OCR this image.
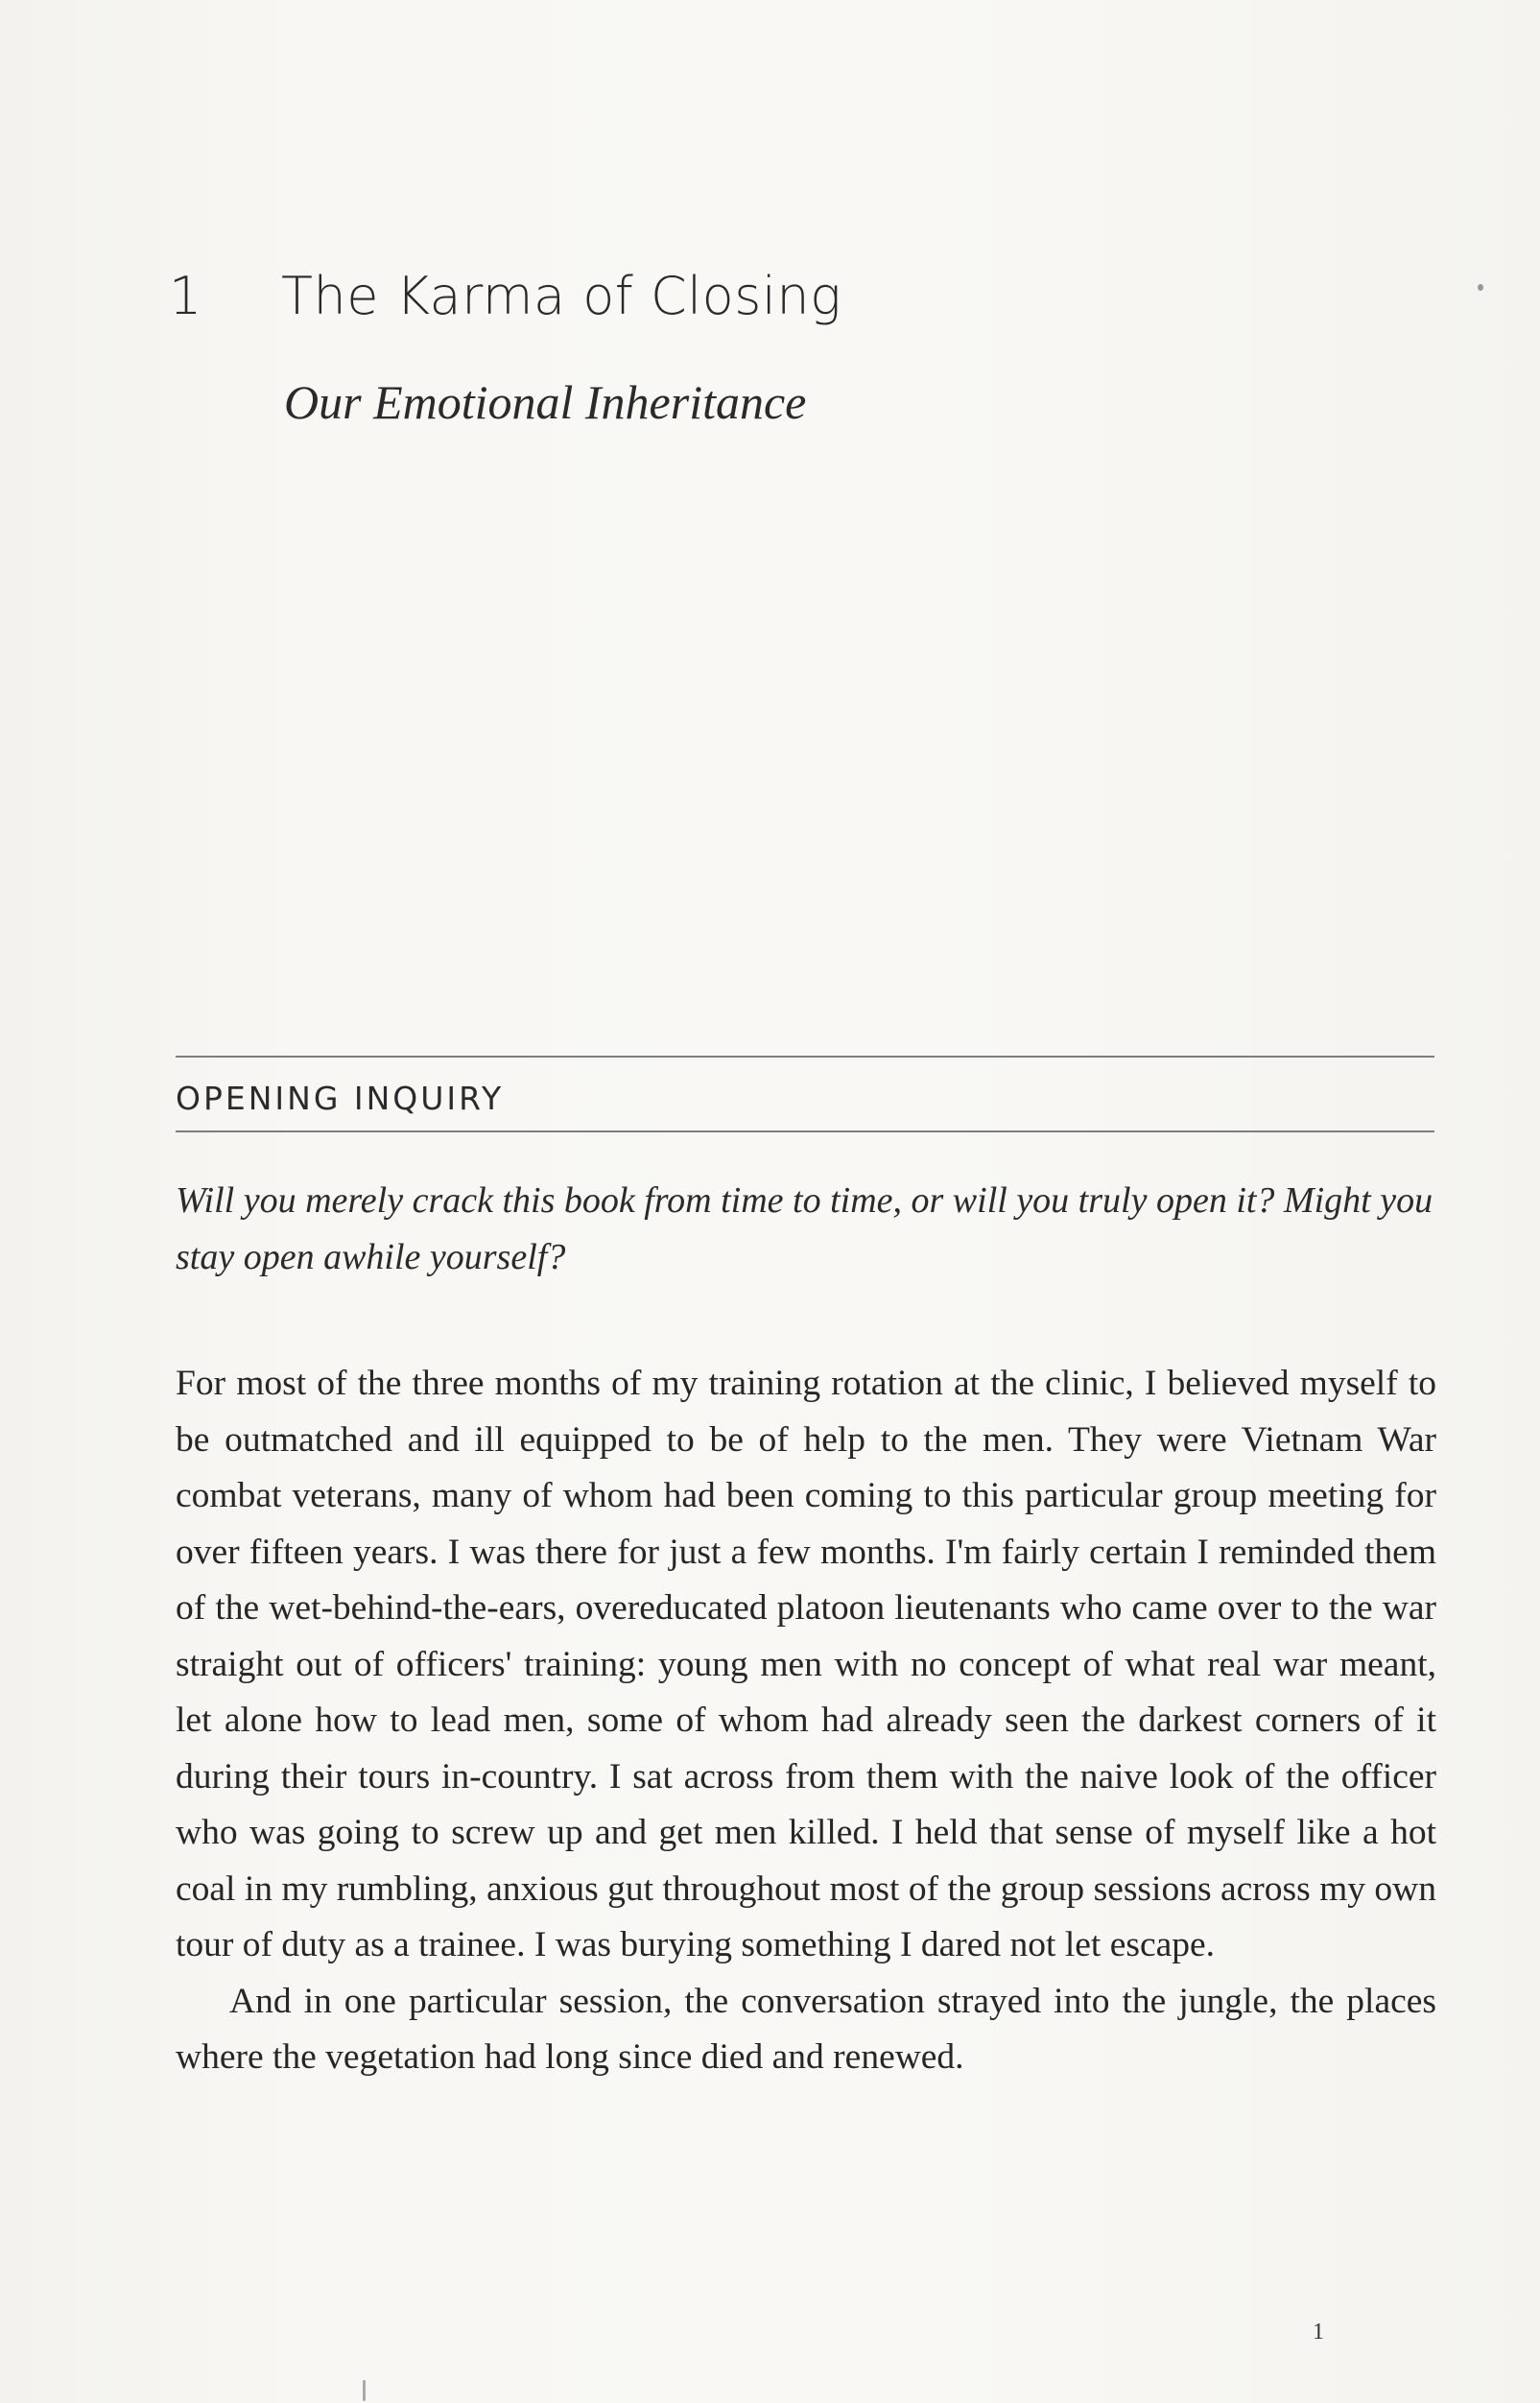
1 The Karma of Closing
Our Emotional Inheritance
OPENING INQUIRY
Will you merely crack this book from time to time, or will you truly open it? Might you stay open awhile yourself?

For most of the three months of my training rotation at the clinic, I believed myself to be outmatched and ill equipped to be of help to the men. They were Vietnam War combat veterans, many of whom had been coming to this particular group meeting for over fifteen years. I was there for just a few months. I'm fairly certain I reminded them of the wet-behind-the-ears, overeducated platoon lieutenants who came over to the war straight out of officers' training: young men with no concept of what real war meant, let alone how to lead men, some of whom had already seen the darkest corners of it during their tours in-country. I sat across from them with the naive look of the officer who was going to screw up and get men killed. I held that sense of myself like a hot coal in my rumbling, anxious gut throughout most of the group sessions across my own tour of duty as a trainee. I was burying something I dared not let escape.

And in one particular session, the conversation strayed into the jungle, the places where the vegetation had long since died and renewed.

1
